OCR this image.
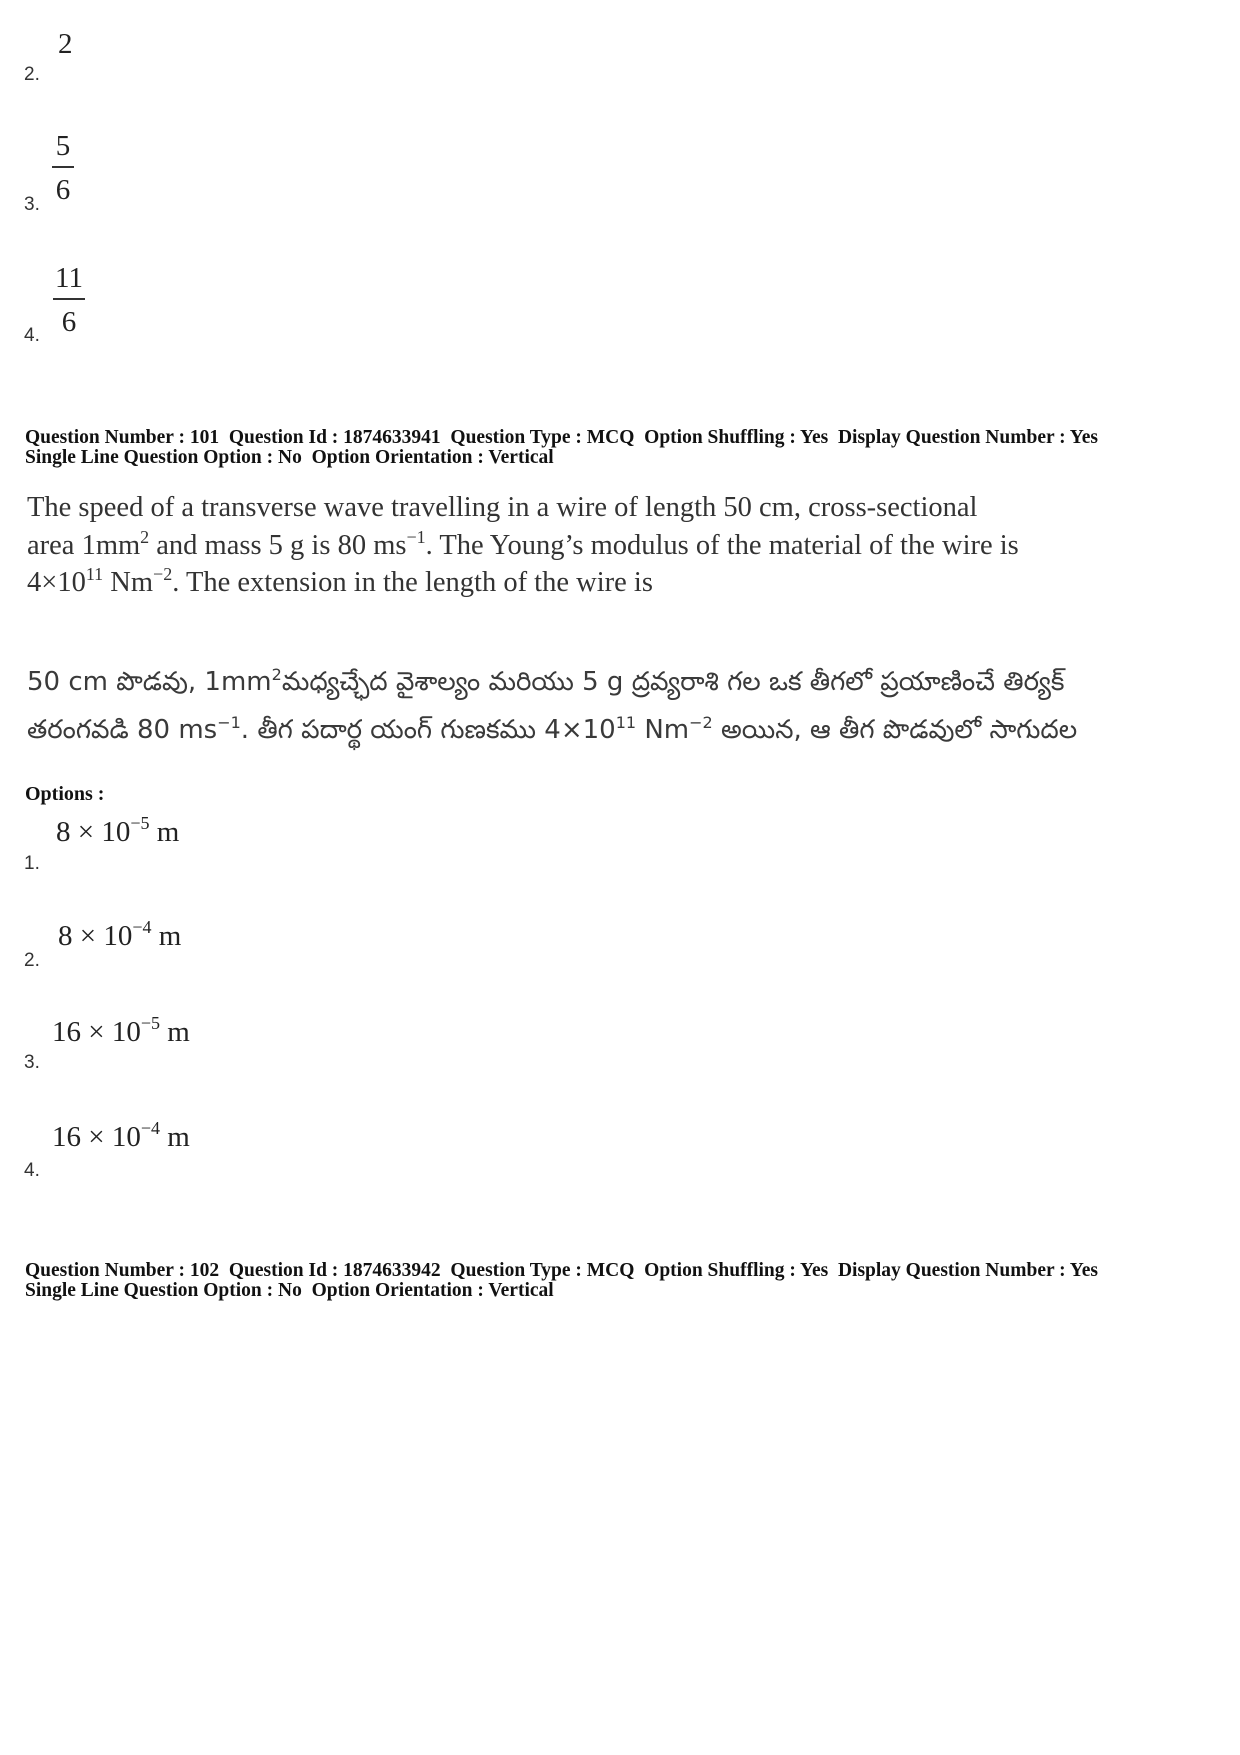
2
2.
5
6
3.
11
6
4.
Question Number : 101  Question Id : 1874633941  Question Type : MCQ  Option Shuffling : Yes  Display Question Number : Yes
Single Line Question Option : No  Option Orientation : Vertical
The speed of a transverse wave travelling in a wire of length 50 cm, cross-sectional
area $1mm^2$ and mass 5 g is 80 $ms^{-1}$. The Young’s modulus of the material of the wire is
$4\times 10^{11}$ $Nm^{-2}$. The extension in the length of the wire is
50 cm పొడవు, $1mm^2మధ్యచ్ఛేద$ వైశాల్యం మరియు 5 g ద్రవ్యరాశి గల ఒక తీగలో ప్రయాణించే తిర్యక్
తరంగవడి 80 $ms^{-1}$. తీగ పదార్థ యంగ్ గుణకము $4\times 10^{11}$ $Nm^{-2}$ అయిన, ఆ తీగ పొడవులో సాగుదల
Options :
$8 \times 10^{-5}$ m
1.
$8 \times 10^{-4}$ m
2.
$16 \times 10^{-5}$ m
3.
$16 \times 10^{-4}$ m
4.
Question Number : 102  Question Id : 1874633942  Question Type : MCQ  Option Shuffling : Yes  Display Question Number : Yes
Single Line Question Option : No  Option Orientation : Vertical
